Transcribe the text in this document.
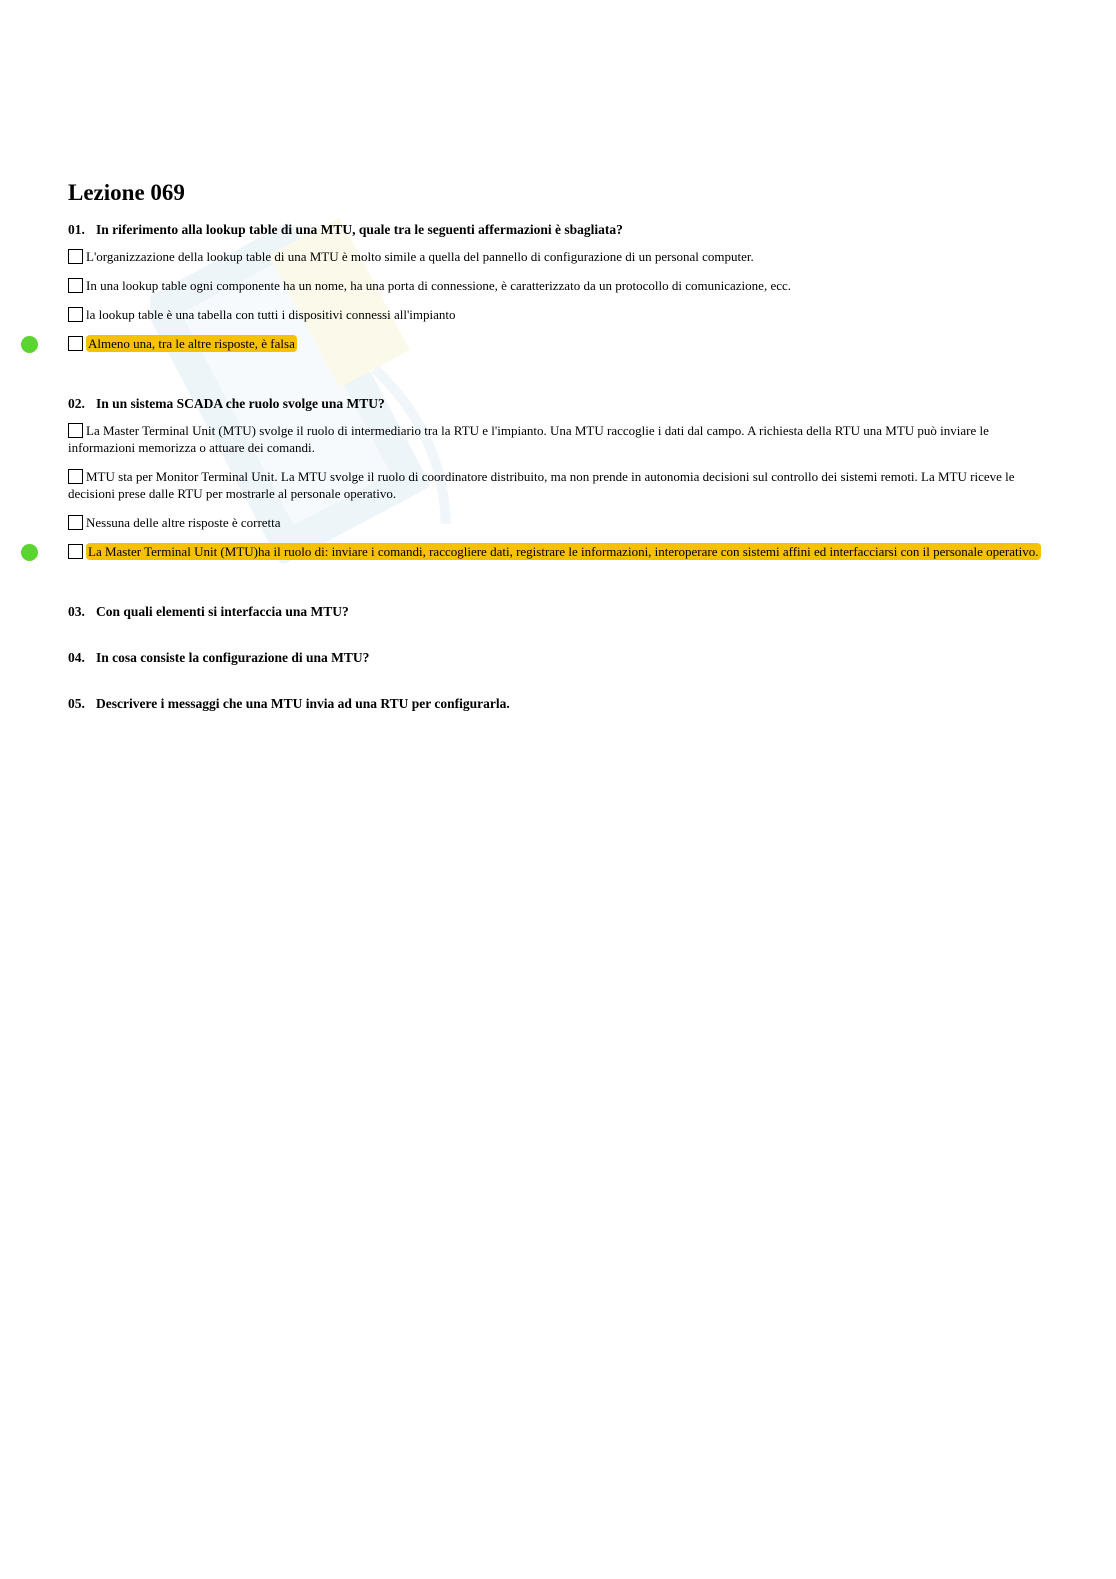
Lezione 069
01. In riferimento alla lookup table di una MTU, quale tra le seguenti affermazioni è sbagliata?
L'organizzazione della lookup table di una MTU è molto simile a quella del pannello di configurazione di un personal computer.
In una lookup table ogni componente ha un nome, ha una porta di connessione, è caratterizzato da un protocollo di comunicazione, ecc.
la lookup table è una tabella con tutti i dispositivi connessi all'impianto
Almeno una, tra le altre risposte, è falsa
02. In un sistema SCADA che ruolo svolge una MTU?
La Master Terminal Unit (MTU) svolge il ruolo di intermediario tra la RTU e l'impianto. Una MTU raccoglie i dati dal campo. A richiesta della RTU una MTU può inviare le informazioni memorizza o attuare dei comandi.
MTU sta per Monitor Terminal Unit. La MTU svolge il ruolo di coordinatore distribuito, ma non prende in autonomia decisioni sul controllo dei sistemi remoti. La MTU riceve le decisioni prese dalle RTU per mostrarle al personale operativo.
Nessuna delle altre risposte è corretta
La Master Terminal Unit (MTU)ha il ruolo di: inviare i comandi, raccogliere dati, registrare le informazioni, interoperare con sistemi affini ed interfacciarsi con il personale operativo.
03. Con quali elementi si interfaccia una MTU?
04. In cosa consiste la configurazione di una MTU?
05. Descrivere i messaggi che una MTU invia ad una RTU per configurarla.
